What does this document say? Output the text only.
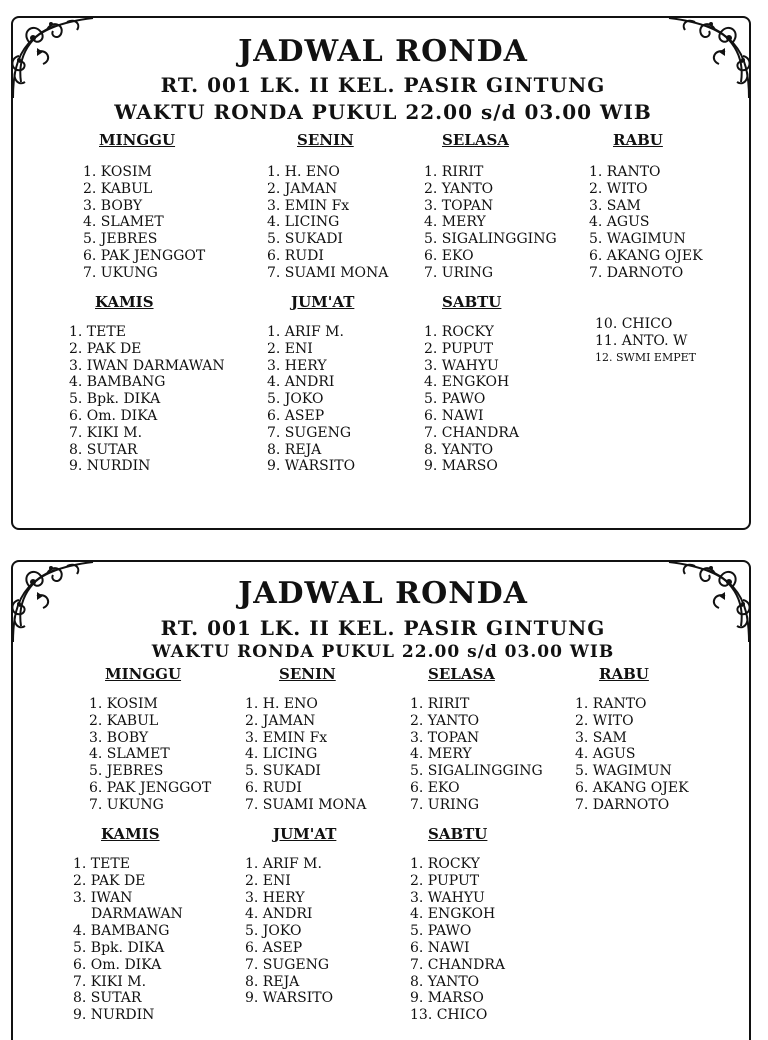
JADWAL RONDA
RT. 001 LK. II KEL. PASIR GINTUNG
WAKTU RONDA PUKUL 22.00 s/d 03.00 WIB
MINGGU
1. KOSIM
2. KABUL
3. BOBY
4. SLAMET
5. JEBRES
6. PAK JENGGOT
7. UKUNG
SENIN
1. H. ENO
2. JAMAN
3. EMIN Fx
4. LICING
5. SUKADI
6. RUDI
7. SUAMI MONA
SELASA
1. RIRIT
2. YANTO
3. TOPAN
4. MERY
5. SIGALINGGING
6. EKO
7. URING
RABU
1. RANTO
2. WITO
3. SAM
4. AGUS
5. WAGIMUN
6. AKANG OJEK
7. DARNOTO
KAMIS
1. TETE
2. PAK DE
3. IWAN DARMAWAN
4. BAMBANG
5. Bpk. DIKA
6. Om. DIKA
7. KIKI M.
8. SUTAR
9. NURDIN
JUM'AT
1. ARIF M.
2. ENI
3. HERY
4. ANDRI
5. JOKO
6. ASEP
7. SUGENG
8. REJA
9. WARSITO
SABTU
1. ROCKY
2. PUPUT
3. WAHYU
4. ENGKOH
5. PAWO
6. NAWI
7. CHANDRA
8. YANTO
9. MARSO
10. CHICO
11. ANTO. W
12. SWMI EMPET
JADWAL RONDA
RT. 001 LK. II KEL. PASIR GINTUNG
WAKTU RONDA PUKUL 22.00 s/d 03.00 WIB
MINGGU
1. KOSIM
2. KABUL
3. BOBY
4. SLAMET
5. JEBRES
6. PAK JENGGOT
7. UKUNG
SENIN
1. H. ENO
2. JAMAN
3. EMIN Fx
4. LICING
5. SUKADI
6. RUDI
7. SUAMI MONA
SELASA
1. RIRIT
2. YANTO
3. TOPAN
4. MERY
5. SIGALINGGING
6. EKO
7. URING
RABU
1. RANTO
2. WITO
3. SAM
4. AGUS
5. WAGIMUN
6. AKANG OJEK
7. DARNOTO
KAMIS
1. TETE
2. PAK DE
3. IWAN
DARMAWAN
4. BAMBANG
5. Bpk. DIKA
6. Om. DIKA
7. KIKI M.
8. SUTAR
9. NURDIN
JUM'AT
1. ARIF M.
2. ENI
3. HERY
4. ANDRI
5. JOKO
6. ASEP
7. SUGENG
8. REJA
9. WARSITO
SABTU
1. ROCKY
2. PUPUT
3. WAHYU
4. ENGKOH
5. PAWO
6. NAWI
7. CHANDRA
8. YANTO
9. MARSO
13. CHICO
